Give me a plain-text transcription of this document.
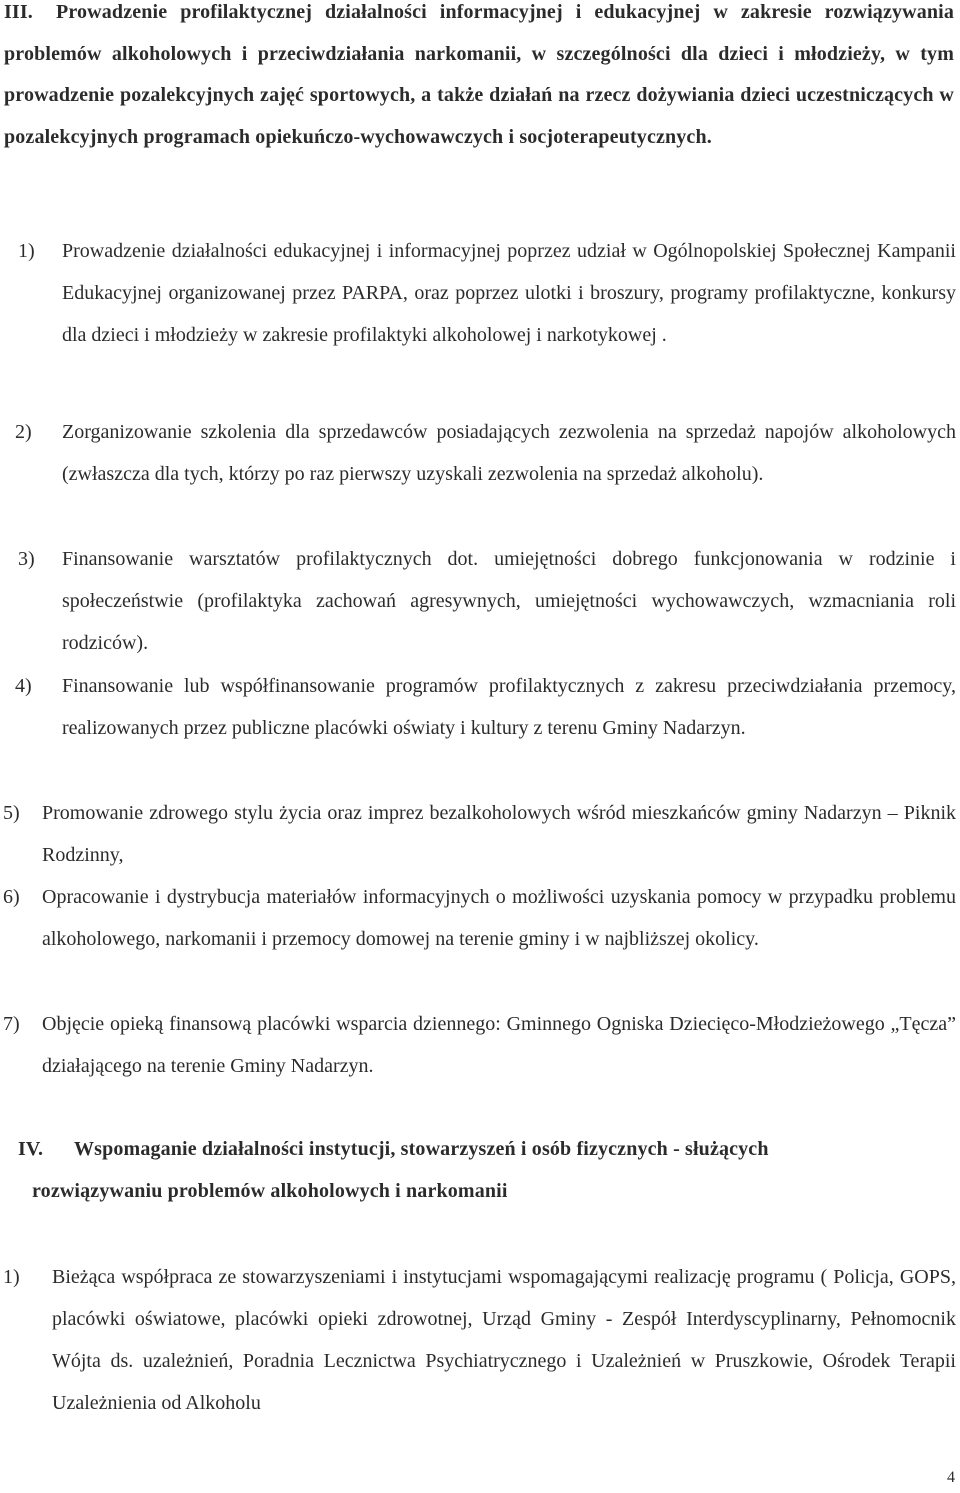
III. Prowadzenie profilaktycznej działalności informacyjnej i edukacyjnej w zakresie rozwiązywania problemów alkoholowych i przeciwdziałania narkomanii, w szczególności dla dzieci i młodzieży, w tym prowadzenie pozalekcyjnych zajęć sportowych, a także działań na rzecz dożywiania dzieci uczestniczących w pozalekcyjnych programach opiekuńczo-wychowawczych i socjoterapeutycznych.
1)	Prowadzenie działalności edukacyjnej i informacyjnej poprzez udział w Ogólnopolskiej Społecznej Kampanii Edukacyjnej organizowanej przez PARPA, oraz poprzez ulotki i broszury, programy profilaktyczne, konkursy dla dzieci i młodzieży w zakresie profilaktyki alkoholowej i narkotykowej .
2)	Zorganizowanie szkolenia dla sprzedawców posiadających zezwolenia na sprzedaż napojów alkoholowych (zwłaszcza dla tych, którzy po raz pierwszy uzyskali zezwolenia na sprzedaż alkoholu).
3)	Finansowanie warsztatów profilaktycznych dot. umiejętności dobrego funkcjonowania w rodzinie i społeczeństwie (profilaktyka zachowań agresywnych, umiejętności wychowawczych, wzmacniania roli rodziców).
4)	Finansowanie lub współfinansowanie programów profilaktycznych z zakresu przeciwdziałania przemocy, realizowanych przez publiczne placówki oświaty i kultury z terenu Gminy Nadarzyn.
5)	Promowanie zdrowego stylu życia oraz imprez bezalkoholowych wśród mieszkańców gminy Nadarzyn – Piknik Rodzinny,
6)	Opracowanie i dystrybucja materiałów informacyjnych o możliwości uzyskania pomocy w przypadku problemu alkoholowego, narkomanii i przemocy domowej na terenie gminy i w najbliższej okolicy.
7)	Objęcie opieką finansową placówki wsparcia dziennego: Gminnego Ogniska Dziecięco-Młodzieżowego „Tęcza” działającego na terenie Gminy Nadarzyn.
IV. Wspomaganie działalności instytucji, stowarzyszeń i osób fizycznych - służących
rozwiązywaniu problemów alkoholowych i narkomanii
1)	Bieżąca współpraca ze stowarzyszeniami i instytucjami wspomagającymi realizację programu ( Policja, GOPS, placówki oświatowe, placówki opieki zdrowotnej, Urząd Gminy - Zespół Interdyscyplinarny, Pełnomocnik Wójta ds. uzależnień, Poradnia Lecznictwa Psychiatrycznego i Uzależnień w Pruszkowie, Ośrodek Terapii Uzależnienia od Alkoholu
4
